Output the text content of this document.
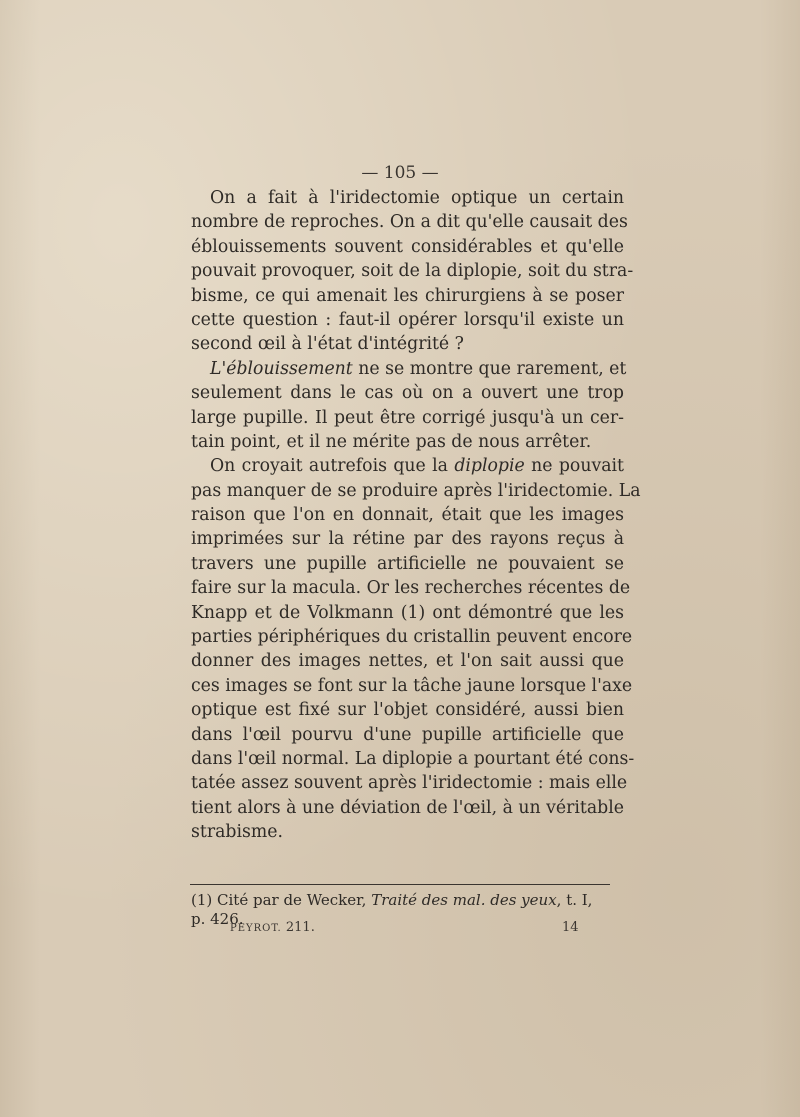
— 105 —
On a fait à l'iridectomie optique un certain
nombre de reproches. On a dit qu'elle causait des
éblouissements souvent considérables et qu'elle
pouvait provoquer, soit de la diplopie, soit du stra-
bisme, ce qui amenait les chirurgiens à se poser
cette question : faut-il opérer lorsqu'il existe un
second œil à l'état d'intégrité ?
L'éblouissement ne se montre que rarement, et
seulement dans le cas où on a ouvert une trop
large pupille. Il peut être corrigé jusqu'à un cer-
tain point, et il ne mérite pas de nous arrêter.
On croyait autrefois que la diplopie ne pouvait
pas manquer de se produire après l'iridectomie. La
raison que l'on en donnait, était que les images
imprimées sur la rétine par des rayons reçus à
travers une pupille artificielle ne pouvaient se
faire sur la macula. Or les recherches récentes de
Knapp et de Volkmann (1) ont démontré que les
parties périphériques du cristallin peuvent encore
donner des images nettes, et l'on sait aussi que
ces images se font sur la tâche jaune lorsque l'axe
optique est fixé sur l'objet considéré, aussi bien
dans l'œil pourvu d'une pupille artificielle que
dans l'œil normal. La diplopie a pourtant été cons-
tatée assez souvent après l'iridectomie : mais elle
tient alors à une déviation de l'œil, à un véritable
strabisme.
(1) Cité par de Wecker, Traité des mal. des yeux, t. I,
p. 426.
PEYROT. 211.	14
